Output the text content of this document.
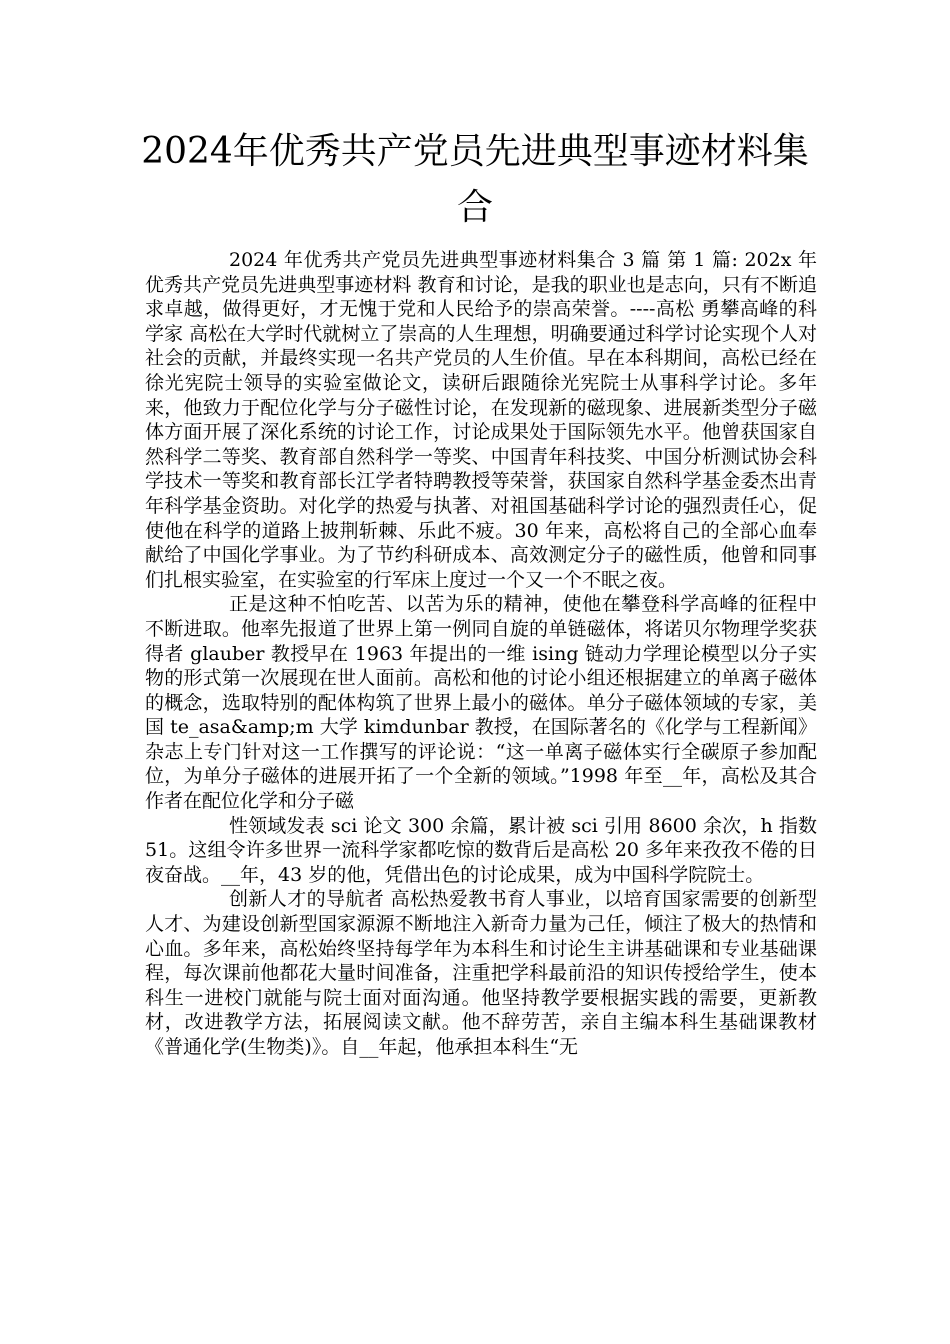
2024年优秀共产党员先进典型事迹材料集合

2024 年优秀共产党员先进典型事迹材料集合 3 篇 第 1 篇: 202x 年优秀共产党员先进典型事迹材料 教育和讨论，是我的职业也是志向，只有不断追求卓越，做得更好，才无愧于党和人民给予的崇高荣誉。----高松 勇攀高峰的科学家 高松在大学时代就树立了崇高的人生理想，明确要通过科学讨论实现个人对社会的贡献，并最终实现一名共产党员的人生价值。早在本科期间，高松已经在徐光宪院士领导的实验室做论文，读研后跟随徐光宪院士从事科学讨论。多年来，他致力于配位化学与分子磁性讨论，在发现新的磁现象、进展新类型分子磁体方面开展了深化系统的讨论工作，讨论成果处于国际领先水平。他曾获国家自然科学二等奖、教育部自然科学一等奖、中国青年科技奖、中国分析测试协会科学技术一等奖和教育部长江学者特聘教授等荣誉，获国家自然科学基金委杰出青年科学基金资助。对化学的热爱与执著、对祖国基础科学讨论的强烈责任心，促使他在科学的道路上披荆斩棘、乐此不疲。30 年来，高松将自己的全部心血奉献给了中国化学事业。为了节约科研成本、高效测定分子的磁性质，他曾和同事们扎根实验室，在实验室的行军床上度过一个又一个不眠之夜。

正是这种不怕吃苦、以苦为乐的精神，使他在攀登科学高峰的征程中不断进取。他率先报道了世界上第一例同自旋的单链磁体，将诺贝尔物理学奖获得者 glauber 教授早在 1963 年提出的一维 ising 链动力学理论模型以分子实物的形式第一次展现在世人面前。高松和他的讨论小组还根据建立的单离子磁体的概念，选取特别的配体构筑了世界上最小的磁体。单分子磁体领域的专家，美国 te_asa&amp;m 大学 kimdunbar 教授，在国际著名的《化学与工程新闻》杂志上专门针对这一工作撰写的评论说：“这一单离子磁体实行全碳原子参加配位，为单分子磁体的进展开拓了一个全新的领域。”1998 年至__年，高松及其合作者在配位化学和分子磁

性领域发表 sci 论文 300 余篇，累计被 sci 引用 8600 余次，h 指数 51。这组令许多世界一流科学家都吃惊的数背后是高松 20 多年来孜孜不倦的日夜奋战。__年，43 岁的他，凭借出色的讨论成果，成为中国科学院院士。

创新人才的导航者 高松热爱教书育人事业，以培育国家需要的创新型人才、为建设创新型国家源源不断地注入新奇力量为己任，倾注了极大的热情和心血。多年来，高松始终坚持每学年为本科生和讨论生主讲基础课和专业基础课程，每次课前他都花大量时间准备，注重把学科最前沿的知识传授给学生，使本科生一进校门就能与院士面对面沟通。他坚持教学要根据实践的需要，更新教材，改进教学方法，拓展阅读文献。他不辞劳苦，亲自主编本科生基础课教材《普通化学(生物类)》。自__年起，他承担本科生“无
